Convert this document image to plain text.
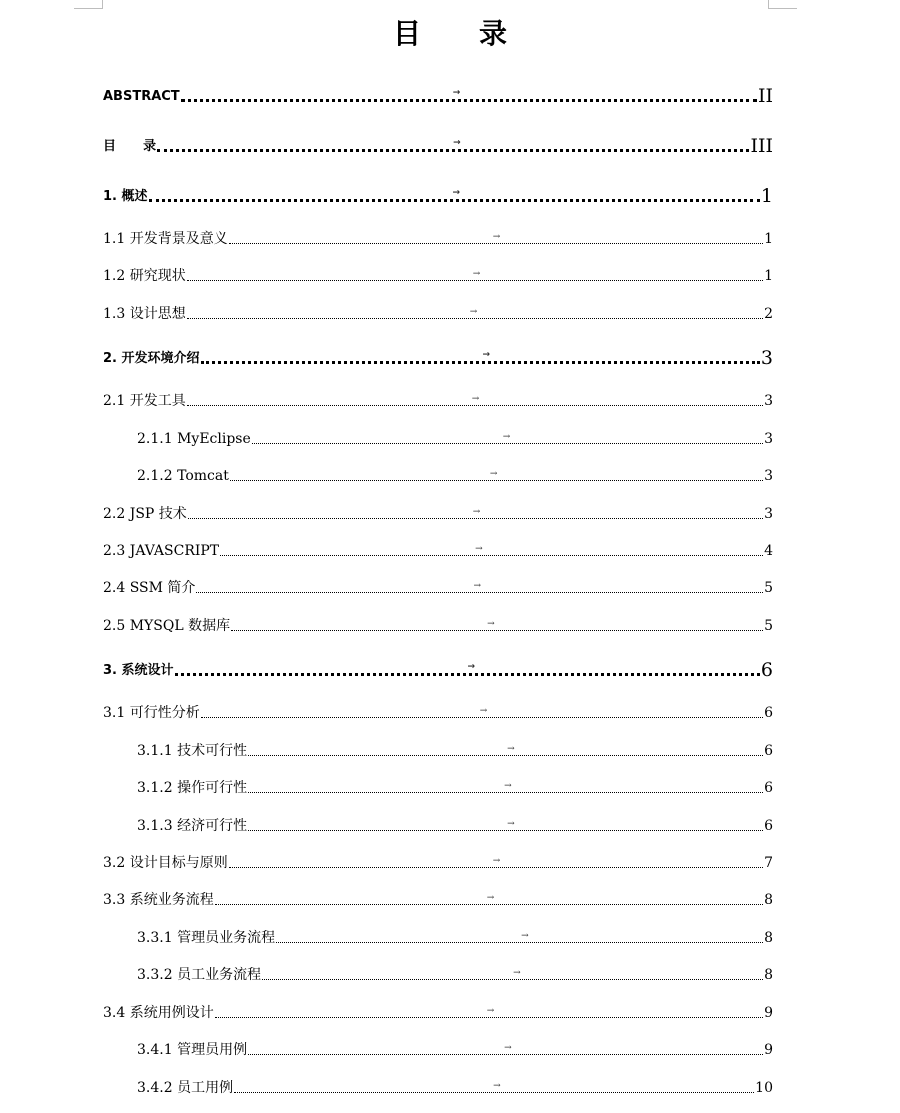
目 录
ABSTRACT	→	II
目      录	→	III
1. 概述	→	1
1.1 开发背景及意义	→	1
1.2 研究现状	→	1
1.3 设计思想	→	2
2. 开发环境介绍	→	3
2.1 开发工具	→	3
2.1.1 MyEclipse	→	3
2.1.2 Tomcat	→	3
2.2 JSP 技术	→	3
2.3 JAVASCRIPT	→	4
2.4 SSM 简介	→	5
2.5 MYSQL 数据库	→	5
3. 系统设计	→	6
3.1 可行性分析	→	6
3.1.1 技术可行性	→	6
3.1.2 操作可行性	→	6
3.1.3 经济可行性	→	6
3.2 设计目标与原则	→	7
3.3 系统业务流程	→	8
3.3.1 管理员业务流程	→	8
3.3.2 员工业务流程	→	8
3.4 系统用例设计	→	9
3.4.1 管理员用例	→	9
3.4.2 员工用例	→	10
